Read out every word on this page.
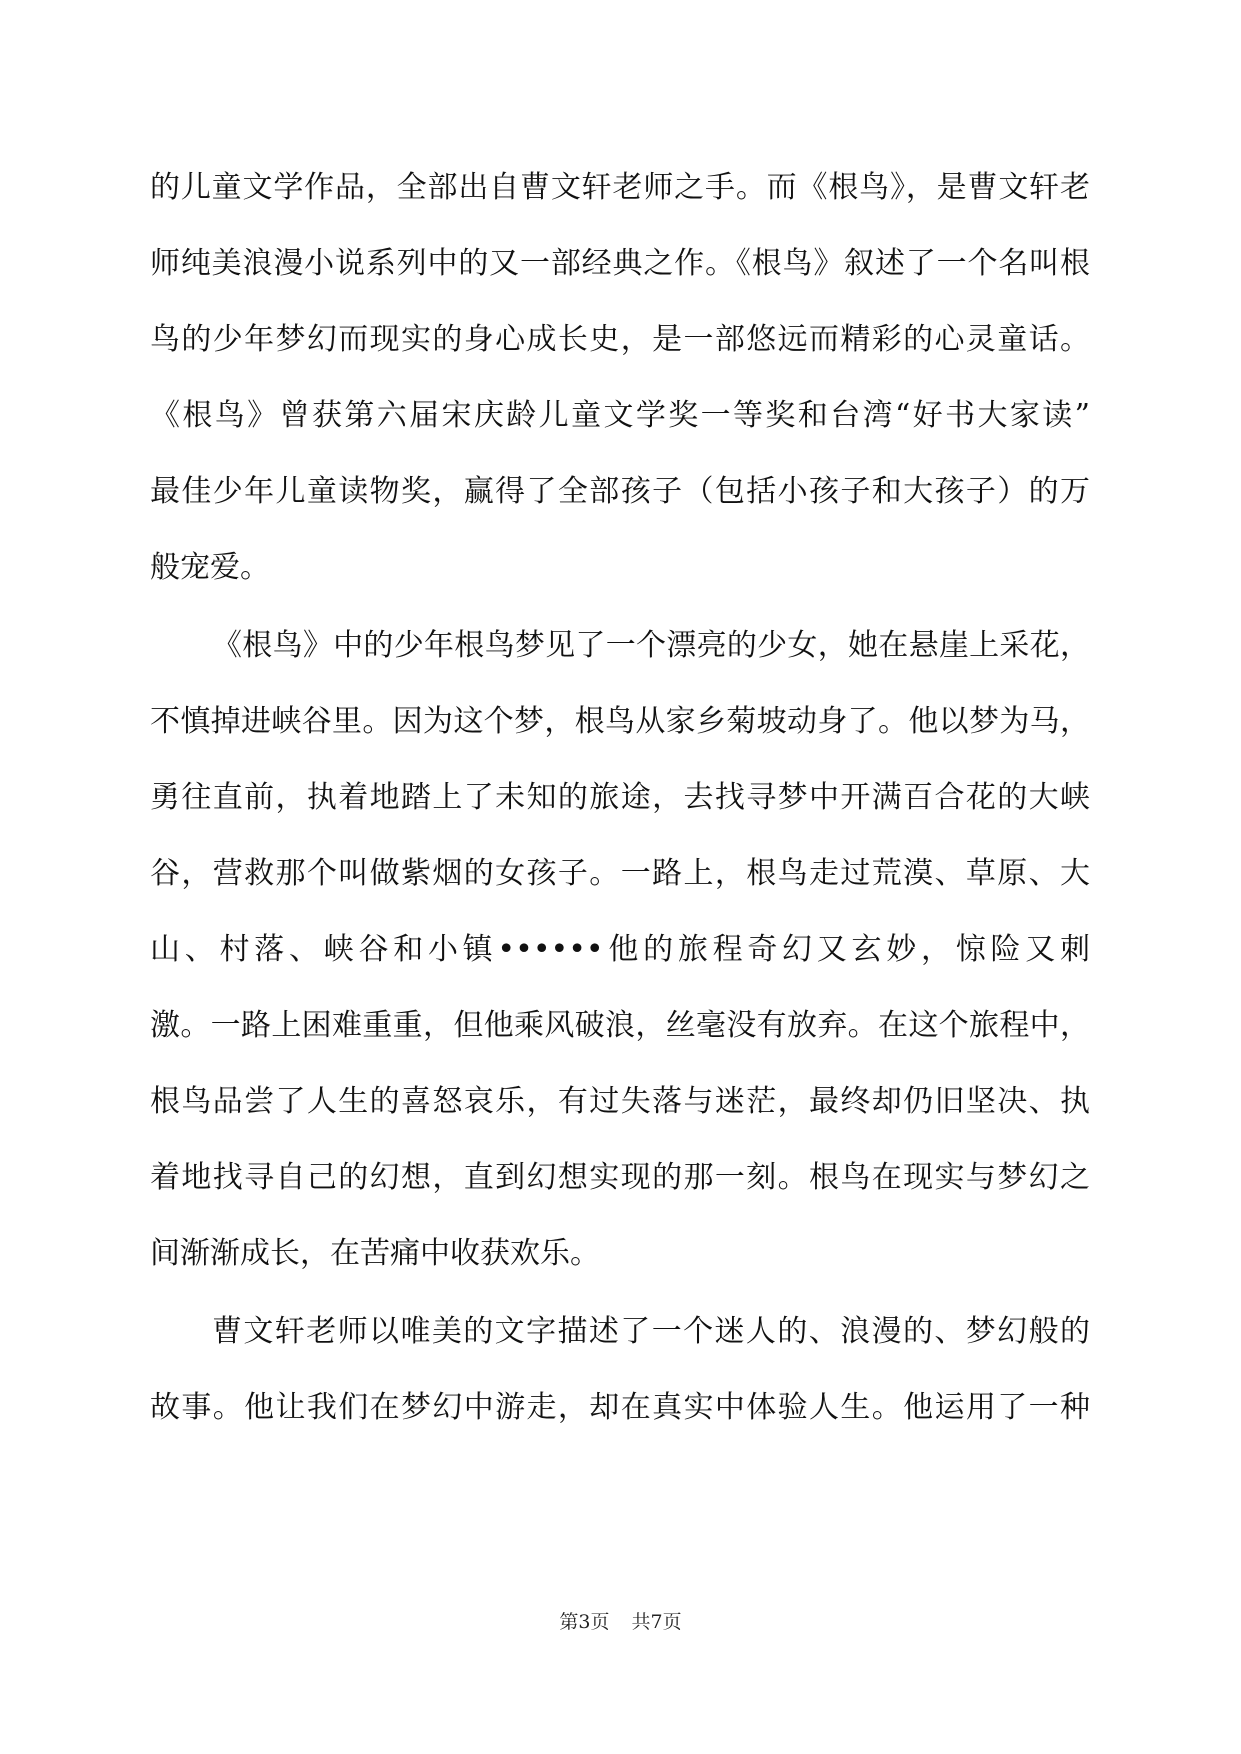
的儿童文学作品，全部出自曹文轩老师之手。而《根鸟》，是曹文轩老
师纯美浪漫小说系列中的又一部经典之作。《根鸟》叙述了一个名叫根
鸟的少年梦幻而现实的身心成长史，是一部悠远而精彩的心灵童话。
《根鸟》曾获第六届宋庆龄儿童文学奖一等奖和台湾“好书大家读”
最佳少年儿童读物奖，赢得了全部孩子（包括小孩子和大孩子）的万
般宠爱。
《根鸟》中的少年根鸟梦见了一个漂亮的少女，她在悬崖上采花，
不慎掉进峡谷里。因为这个梦，根鸟从家乡菊坡动身了。他以梦为马，
勇往直前，执着地踏上了未知的旅途，去找寻梦中开满百合花的大峡
谷，营救那个叫做紫烟的女孩子。一路上，根鸟走过荒漠、草原、大
山、村落、峡谷和小镇••••••他的旅程奇幻又玄妙，惊险又刺
激。一路上困难重重，但他乘风破浪，丝毫没有放弃。在这个旅程中，
根鸟品尝了人生的喜怒哀乐，有过失落与迷茫，最终却仍旧坚决、执
着地找寻自己的幻想，直到幻想实现的那一刻。根鸟在现实与梦幻之
间渐渐成长，在苦痛中收获欢乐。
曹文轩老师以唯美的文字描述了一个迷人的、浪漫的、梦幻般的
故事。他让我们在梦幻中游走，却在真实中体验人生。他运用了一种
第3页 共7页
